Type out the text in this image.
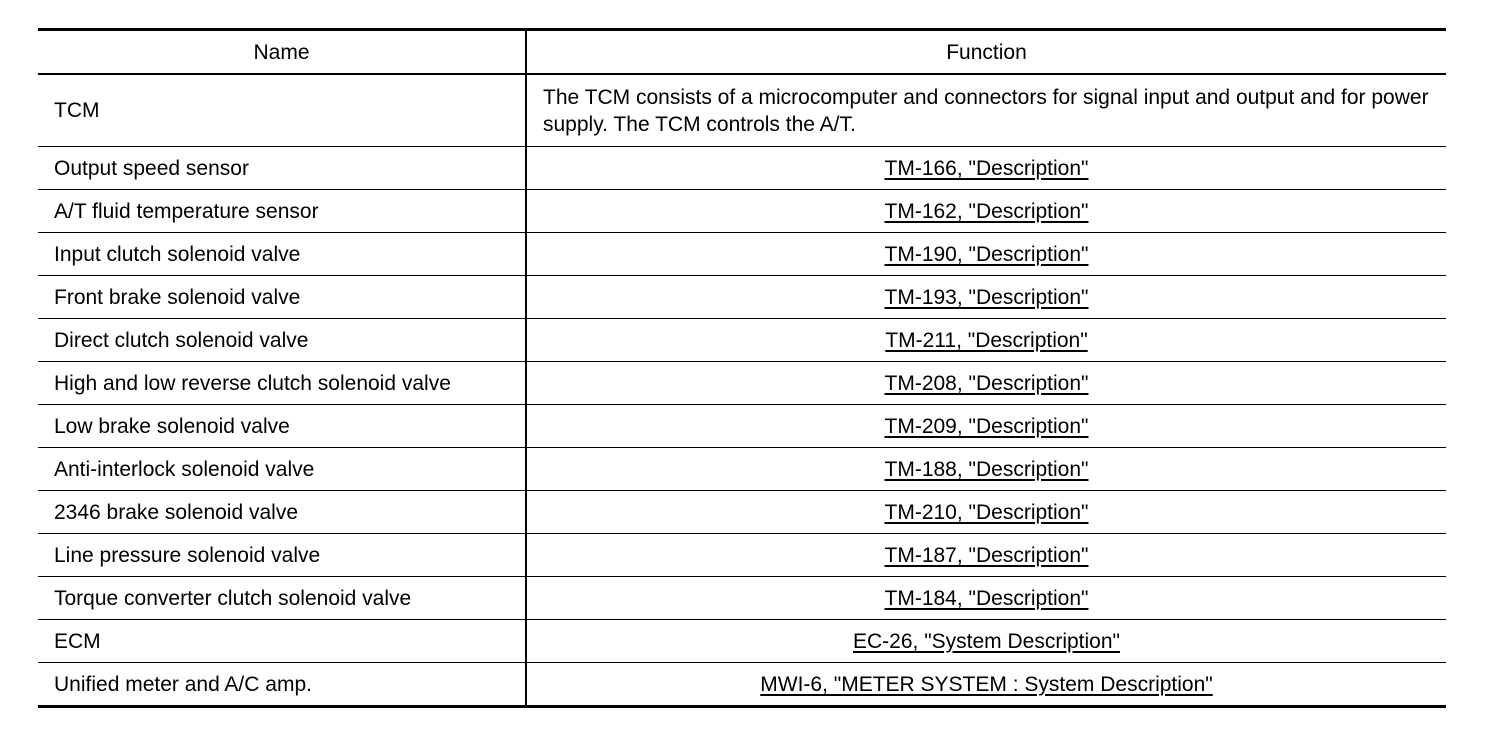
Name	Function
TCM	The TCM consists of a microcomputer and connectors for signal input and output and for power supply. The TCM controls the A/T.
Output speed sensor	TM-166, "Description"
A/T fluid temperature sensor	TM-162, "Description"
Input clutch solenoid valve	TM-190, "Description"
Front brake solenoid valve	TM-193, "Description"
Direct clutch solenoid valve	TM-211, "Description"
High and low reverse clutch solenoid valve	TM-208, "Description"
Low brake solenoid valve	TM-209, "Description"
Anti-interlock solenoid valve	TM-188, "Description"
2346 brake solenoid valve	TM-210, "Description"
Line pressure solenoid valve	TM-187, "Description"
Torque converter clutch solenoid valve	TM-184, "Description"
ECM	EC-26, "System Description"
Unified meter and A/C amp.	MWI-6, "METER SYSTEM : System Description"
